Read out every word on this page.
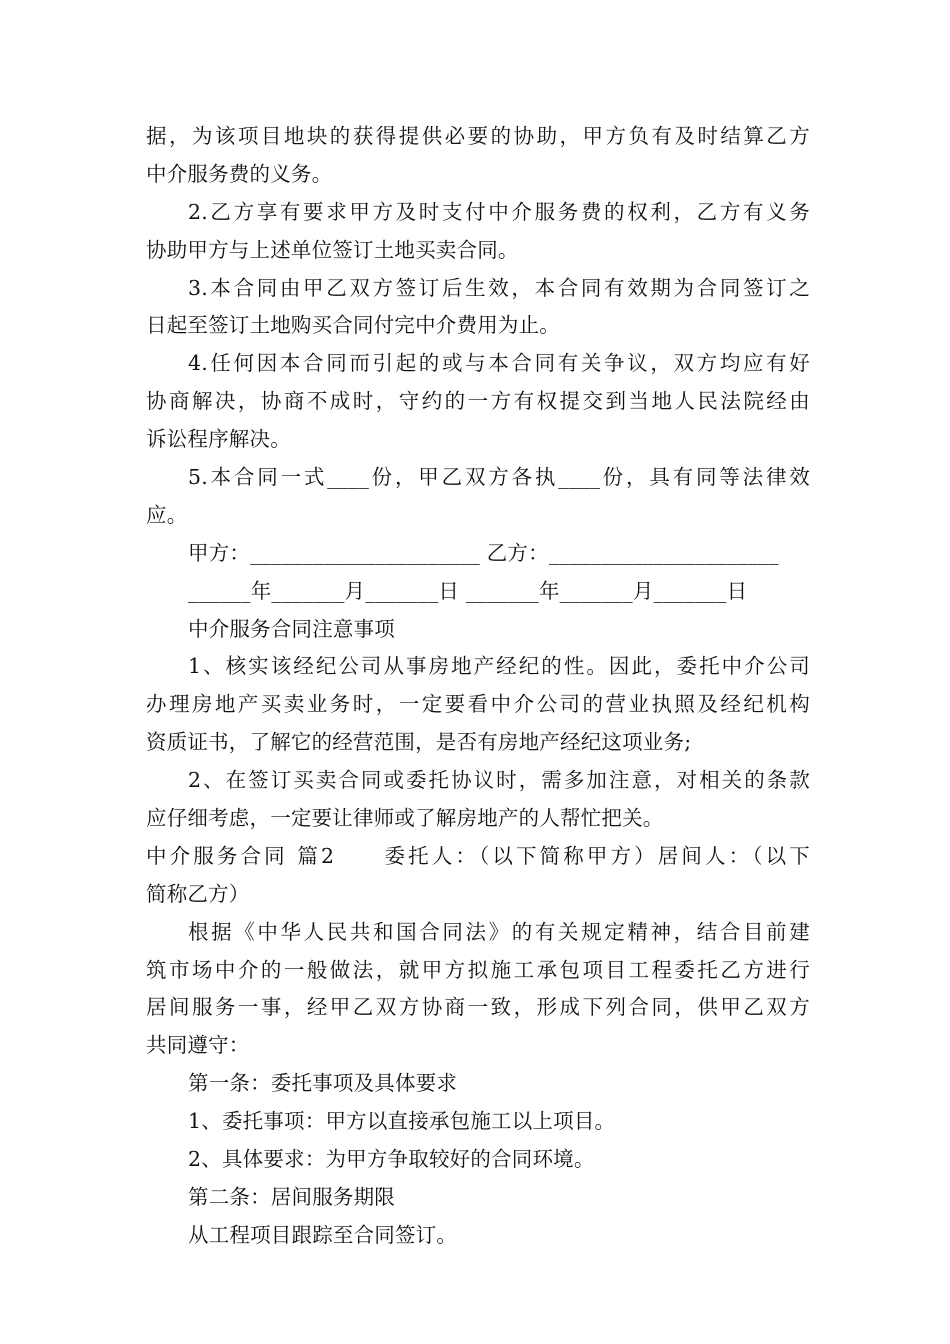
据，为该项目地块的获得提供必要的协助，甲方负有及时结算乙方
中介服务费的义务。
2.乙方享有要求甲方及时支付中介服务费的权利，乙方有义务
协助甲方与上述单位签订土地买卖合同。
3.本合同由甲乙双方签订后生效，本合同有效期为合同签订之
日起至签订土地购买合同付完中介费用为止。
4.任何因本合同而引起的或与本合同有关争议，双方均应有好
协商解决，协商不成时，守约的一方有权提交到当地人民法院经由
诉讼程序解决。
5.本合同一式____份，甲乙双方各执____份，具有同等法律效
应。
甲方：______________________ 乙方：______________________
______年_______月_______日 _______年_______月_______日
中介服务合同注意事项
1、核实该经纪公司从事房地产经纪的性。因此，委托中介公司
办理房地产买卖业务时，一定要看中介公司的营业执照及经纪机构
资质证书，了解它的经营范围，是否有房地产经纪这项业务;
2、在签订买卖合同或委托协议时，需多加注意，对相关的条款
应仔细考虑，一定要让律师或了解房地产的人帮忙把关。
中介服务合同 篇2　　委托人：（以下简称甲方）居间人：（以下
简称乙方）
根据《中华人民共和国合同法》的有关规定精神，结合目前建
筑市场中介的一般做法，就甲方拟施工承包项目工程委托乙方进行
居间服务一事，经甲乙双方协商一致，形成下列合同，供甲乙双方
共同遵守：
第一条：委托事项及具体要求
1、委托事项：甲方以直接承包施工以上项目。
2、具体要求：为甲方争取较好的合同环境。
第二条：居间服务期限
从工程项目跟踪至合同签订。
